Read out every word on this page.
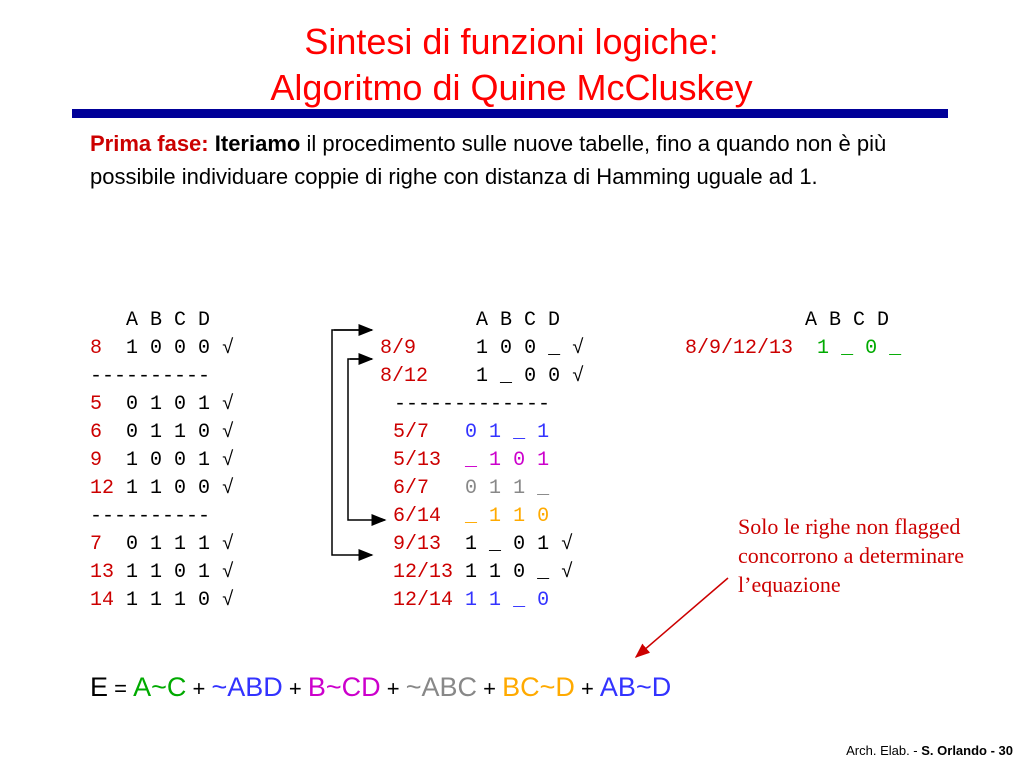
Sintesi di funzioni logiche:
Algoritmo di Quine McCluskey
Prima fase: Iteriamo il procedimento sulle nuove tabelle, fino a quando non è più possibile individuare coppie di righe con distanza di Hamming uguale ad 1.
A B C D
8  1 0 0 0 √
----------
5  0 1 0 1 √
6  0 1 1 0 √
9  1 0 0 1 √
12 1 1 0 0 √
----------
7  0 1 1 1 √
13 1 1 0 1 √
14 1 1 1 0 √
A B C D
8/9     1 0 0 _ √
8/12    1 _ 0 0 √
5/7   0 1 _ 1
5/13  _ 1 0 1
6/7   0 1 1 _
6/14  _ 1 1 0
9/13  1 _ 0 1 √
12/13 1 1 0 _ √
12/14 1 1 _ 0
-------------
A B C D
8/9/12/13  1 _ 0 _
Solo le righe non flagged
concorrono a determinare
l’equazione
E = A~C + ~ABD + B~CD + ~ABC + BC~D + AB~D
Arch. Elab. - S. Orlando - 30
